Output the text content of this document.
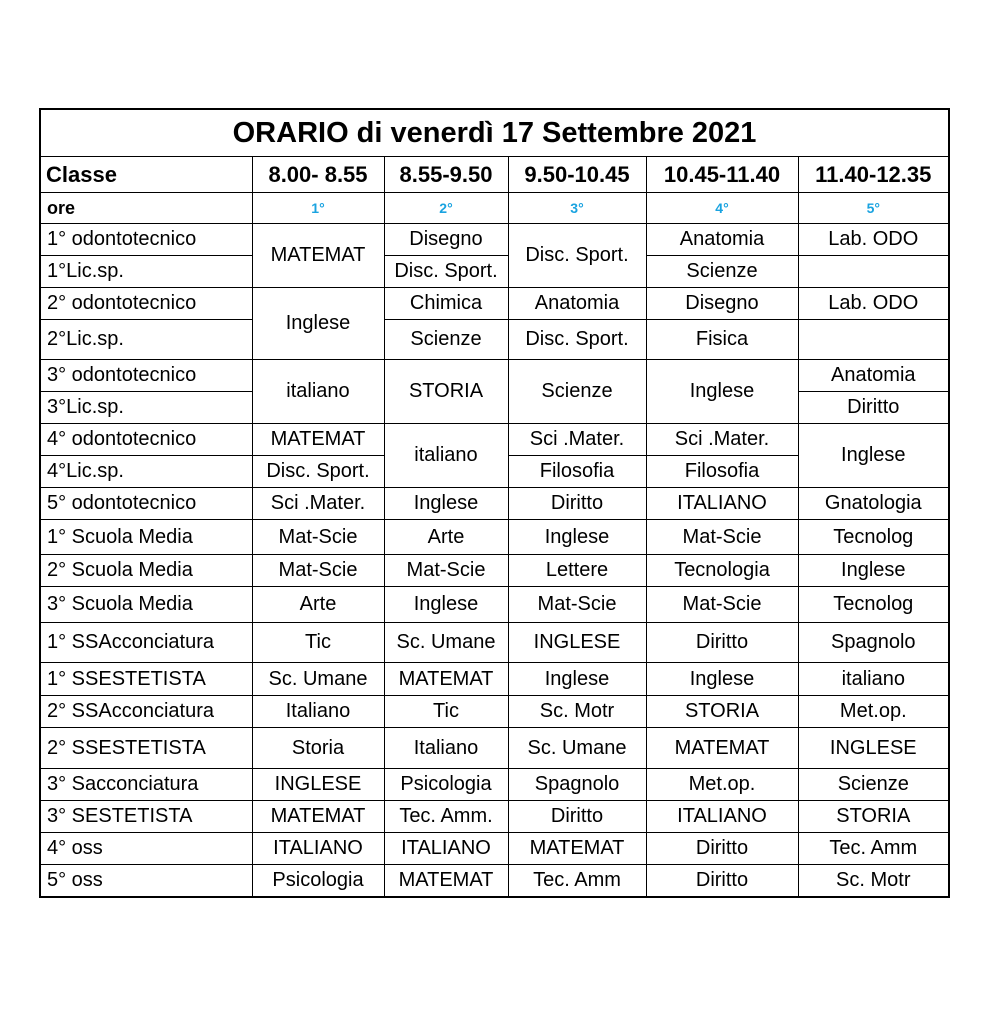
ORARIO di venerdì 17 Settembre 2021					
Classe	8.00- 8.55	8.55-9.50	9.50-10.45	10.45-11.40	11.40-12.35
ore	1°	2°	3°	4°	5°
1° odontotecnico	MATEMAT	Disegno	Disc. Sport.	Anatomia	Lab. ODO
1°Lic.sp.		Disc. Sport.		Scienze	
2° odontotecnico	Inglese	Chimica	Anatomia	Disegno	Lab. ODO
2°Lic.sp.		Scienze	Disc. Sport.	Fisica	
3° odontotecnico	italiano	STORIA	Scienze	Inglese	Anatomia
3°Lic.sp.					Diritto
4° odontotecnico	MATEMAT	italiano	Sci .Mater.	Sci .Mater.	Inglese
4°Lic.sp.	Disc. Sport.		Filosofia	Filosofia	
5° odontotecnico	Sci .Mater.	Inglese	Diritto	ITALIANO	Gnatologia
1° Scuola Media	Mat-Scie	Arte	Inglese	Mat-Scie	Tecnolog
2° Scuola Media	Mat-Scie	Mat-Scie	Lettere	Tecnologia	Inglese
3° Scuola Media	Arte	Inglese	Mat-Scie	Mat-Scie	Tecnolog
1° SSAcconciatura	Tic	Sc. Umane	INGLESE	Diritto	Spagnolo
1° SSESTETISTA	Sc. Umane	MATEMAT	Inglese	Inglese	italiano
2° SSAcconciatura	Italiano	Tic	Sc. Motr	STORIA	Met.op.
2° SSESTETISTA	Storia	Italiano	Sc. Umane	MATEMAT	INGLESE
3° Sacconciatura	INGLESE	Psicologia	Spagnolo	Met.op.	Scienze
3° SESTETISTA	MATEMAT	Tec. Amm.	Diritto	ITALIANO	STORIA
4° oss	ITALIANO	ITALIANO	MATEMAT	Diritto	Tec. Amm
5° oss	Psicologia	MATEMAT	Tec. Amm	Diritto	Sc. Motr
